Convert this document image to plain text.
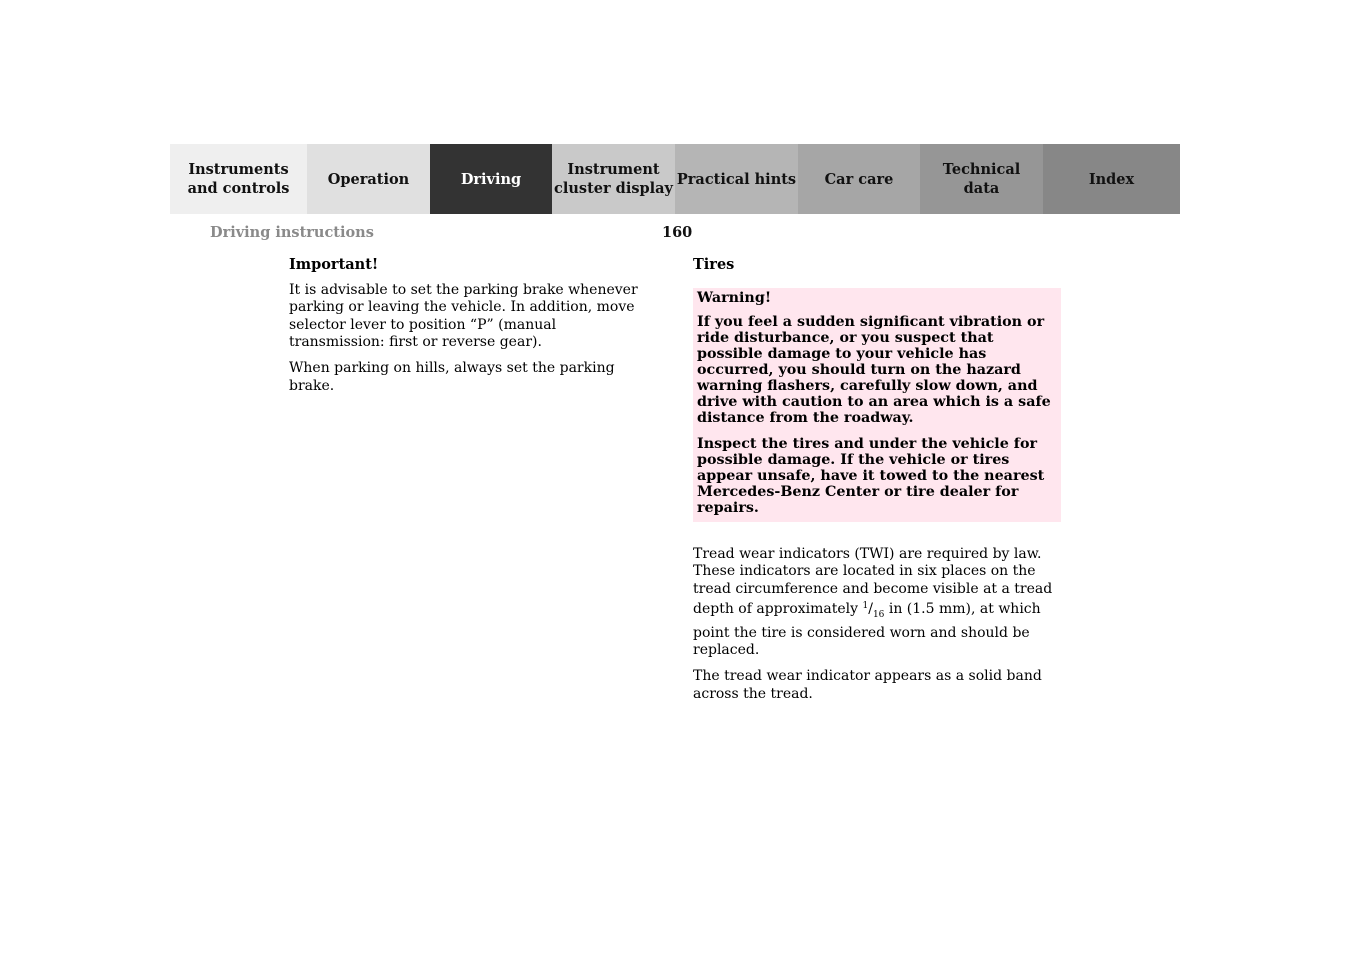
Instruments
and controls
Operation	Driving
Instrument
cluster display
Practical hints	Car care
Technical
data
Index
Driving instructions	160
Important!

It is advisable to set the parking brake whenever parking or leaving the vehicle. In addition, move selector lever to position “P” (manual transmission: first or reverse gear).

When parking on hills, always set the parking brake.

Tires
Warning!

If you feel a sudden significant vibration or ride disturbance, or you suspect that possible damage to your vehicle has occurred, you should turn on the hazard warning flashers, carefully slow down, and drive with caution to an area which is a safe distance from the roadway.

Inspect the tires and under the vehicle for possible damage. If the vehicle or tires appear unsafe, have it towed to the nearest Mercedes-Benz Center or tire dealer for repairs.

Tread wear indicators (TWI) are required by law. These indicators are located in six places on the tread circumference and become visible at a tread depth of approximately $^1/_{16}$ in (1.5 mm), at which point the tire is considered worn and should be replaced.

The tread wear indicator appears as a solid band across the tread.
